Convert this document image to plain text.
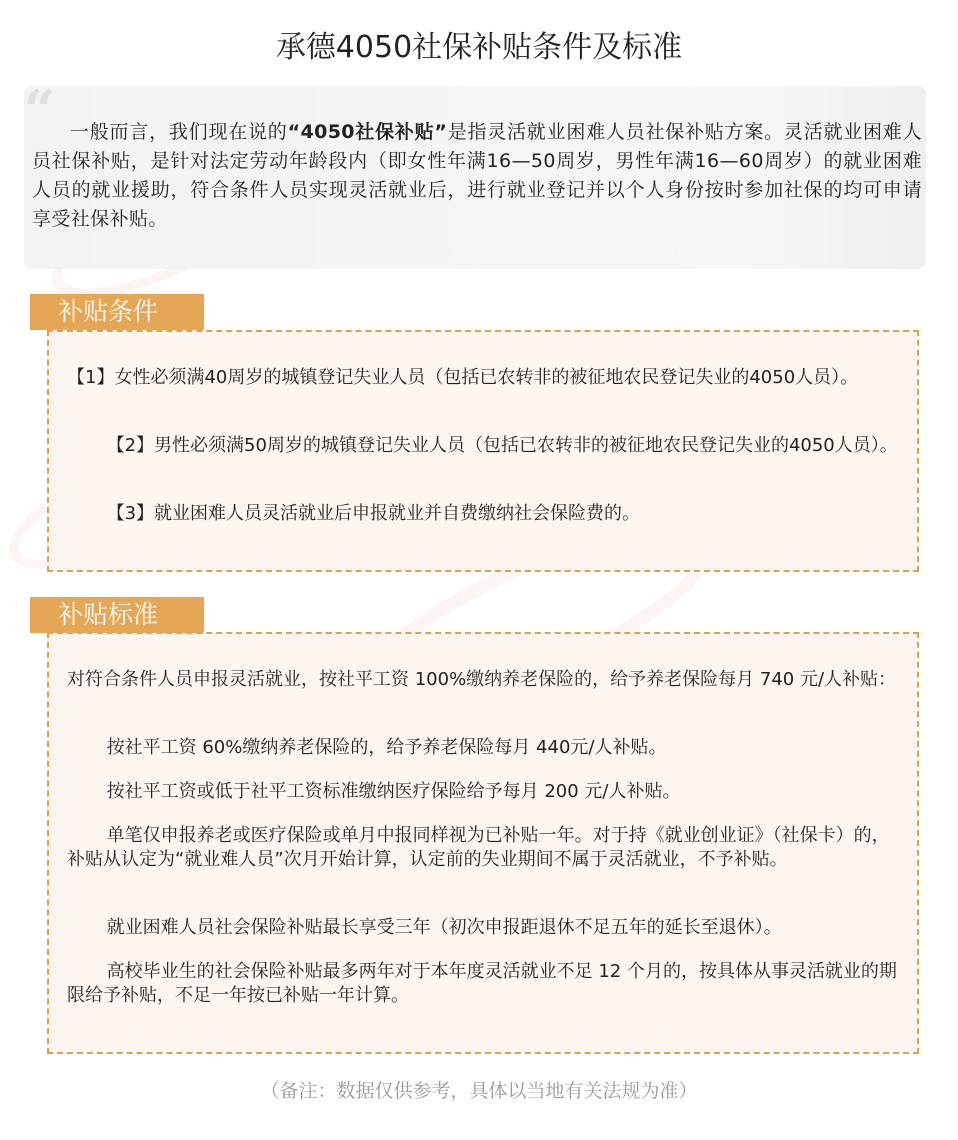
承德4050社保补贴条件及标准
“ 一般而言，我们现在说的“4050社保补贴”是指灵活就业困难人员社保补贴方案。灵活就业困难人员社保补贴，是针对法定劳动年龄段内（即女性年满16—50周岁，男性年满16—60周岁）的就业困难人员的就业援助，符合条件人员实现灵活就业后，进行就业登记并以个人身份按时参加社保的均可申请享受社保补贴。
补贴条件
【1】女性必须满40周岁的城镇登记失业人员（包括已农转非的被征地农民登记失业的4050人员）。
【2】男性必须满50周岁的城镇登记失业人员（包括已农转非的被征地农民登记失业的4050人员）。
【3】就业困难人员灵活就业后申报就业并自费缴纳社会保险费的。
补贴标准
对符合条件人员申报灵活就业，按社平工资 100%缴纳养老保险的，给予养老保险每月 740 元/人补贴：
按社平工资 60%缴纳养老保险的，给予养老保险每月 440元/人补贴。
按社平工资或低于社平工资标准缴纳医疗保险给予每月 200 元/人补贴。
单笔仅申报养老或医疗保险或单月中报同样视为已补贴一年。对于持《就业创业证》（社保卡）的，补贴从认定为“就业难人员”次月开始计算，认定前的失业期间不属于灵活就业，不予补贴。
就业困难人员社会保险补贴最长享受三年（初次申报距退休不足五年的延长至退休）。
高校毕业生的社会保险补贴最多两年对于本年度灵活就业不足 12 个月的，按具体从事灵活就业的期限给予补贴，不足一年按已补贴一年计算。
（备注：数据仅供参考，具体以当地有关法规为准）
